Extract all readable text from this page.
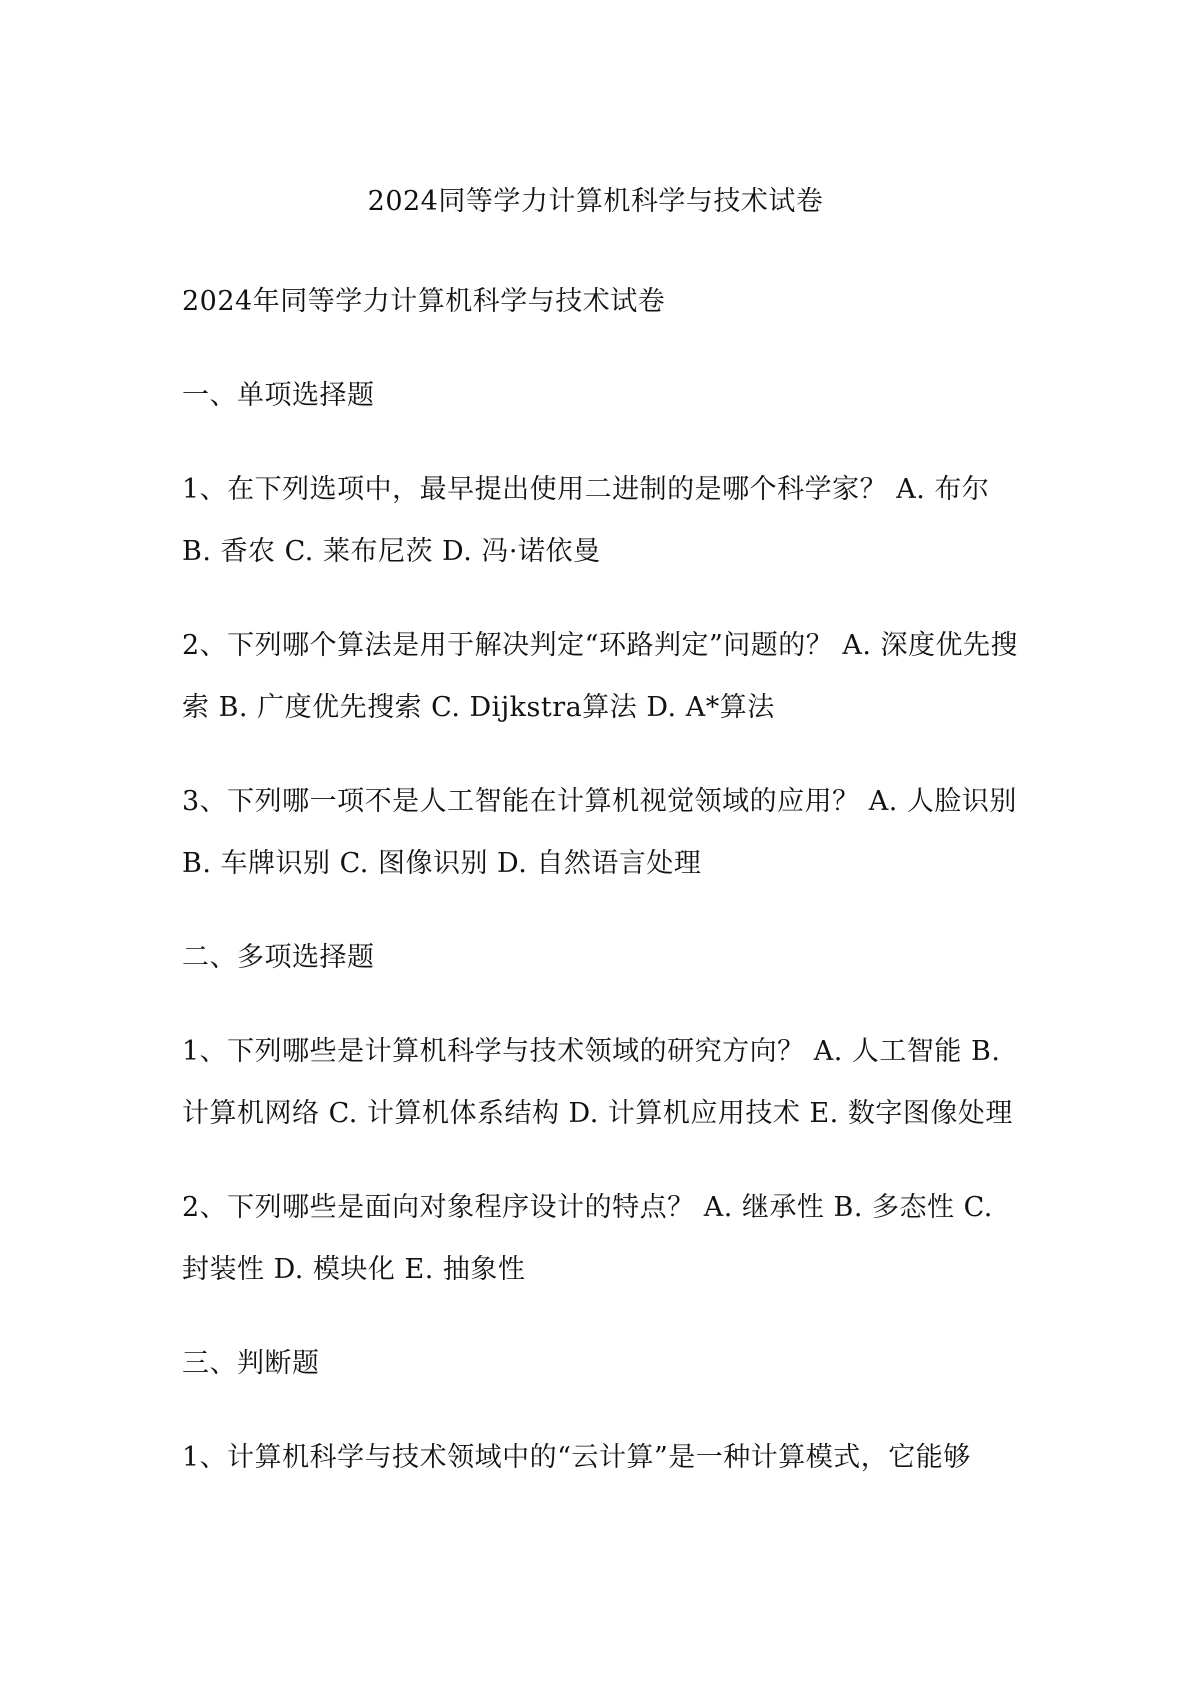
2024同等学力计算机科学与技术试卷

2024年同等学力计算机科学与技术试卷

一、单项选择题

1、在下列选项中，最早提出使用二进制的是哪个科学家？ A. 布尔 B. 香农 C. 莱布尼茨 D. 冯·诺依曼

2、下列哪个算法是用于解决判定“环路判定”问题的？ A. 深度优先搜索 B. 广度优先搜索 C. Dijkstra算法 D. A*算法

3、下列哪一项不是人工智能在计算机视觉领域的应用？ A. 人脸识别 B. 车牌识别 C. 图像识别 D. 自然语言处理

二、多项选择题

1、下列哪些是计算机科学与技术领域的研究方向？ A. 人工智能 B. 计算机网络 C. 计算机体系结构 D. 计算机应用技术 E. 数字图像处理

2、下列哪些是面向对象程序设计的特点？ A. 继承性 B. 多态性 C. 封装性 D. 模块化 E. 抽象性

三、判断题

1、计算机科学与技术领域中的“云计算”是一种计算模式，它能够
